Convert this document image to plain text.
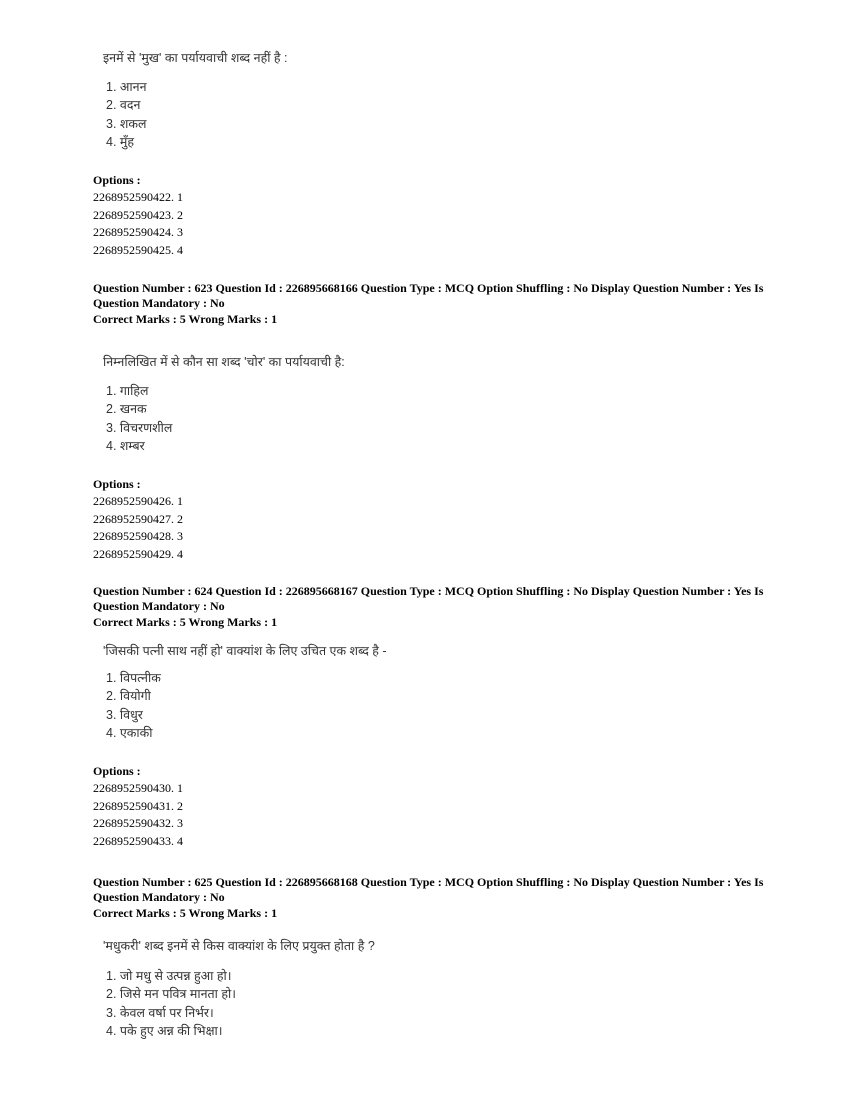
इनमें से 'मुख' का पर्यायवाची शब्द नहीं है :
1. आनन
2. वदन
3. शकल
4. मुँह
Options :
2268952590422. 1
2268952590423. 2
2268952590424. 3
2268952590425. 4
Question Number : 623 Question Id : 226895668166 Question Type : MCQ Option Shuffling : No Display Question Number : Yes Is
Question Mandatory : No
Correct Marks : 5 Wrong Marks : 1
निम्नलिखित में से कौन सा शब्द 'चोर' का पर्यायवाची है:
1. गाहिल
2. खनक
3. विचरणशील
4. शम्बर
Options :
2268952590426. 1
2268952590427. 2
2268952590428. 3
2268952590429. 4
Question Number : 624 Question Id : 226895668167 Question Type : MCQ Option Shuffling : No Display Question Number : Yes Is
Question Mandatory : No
Correct Marks : 5 Wrong Marks : 1
'जिसकी पत्नी साथ नहीं हो' वाक्यांश के लिए उचित एक शब्द है -
1. विपत्नीक
2. वियोगी
3. विधुर
4. एकाकी
Options :
2268952590430. 1
2268952590431. 2
2268952590432. 3
2268952590433. 4
Question Number : 625 Question Id : 226895668168 Question Type : MCQ Option Shuffling : No Display Question Number : Yes Is
Question Mandatory : No
Correct Marks : 5 Wrong Marks : 1
'मधुकरी' शब्द इनमें से किस वाक्यांश के लिए प्रयुक्त होता है ?
1. जो मधु से उत्पन्न हुआ हो।
2. जिसे मन पवित्र मानता हो।
3. केवल वर्षा पर निर्भर।
4. पके हुए अन्न की भिक्षा।
